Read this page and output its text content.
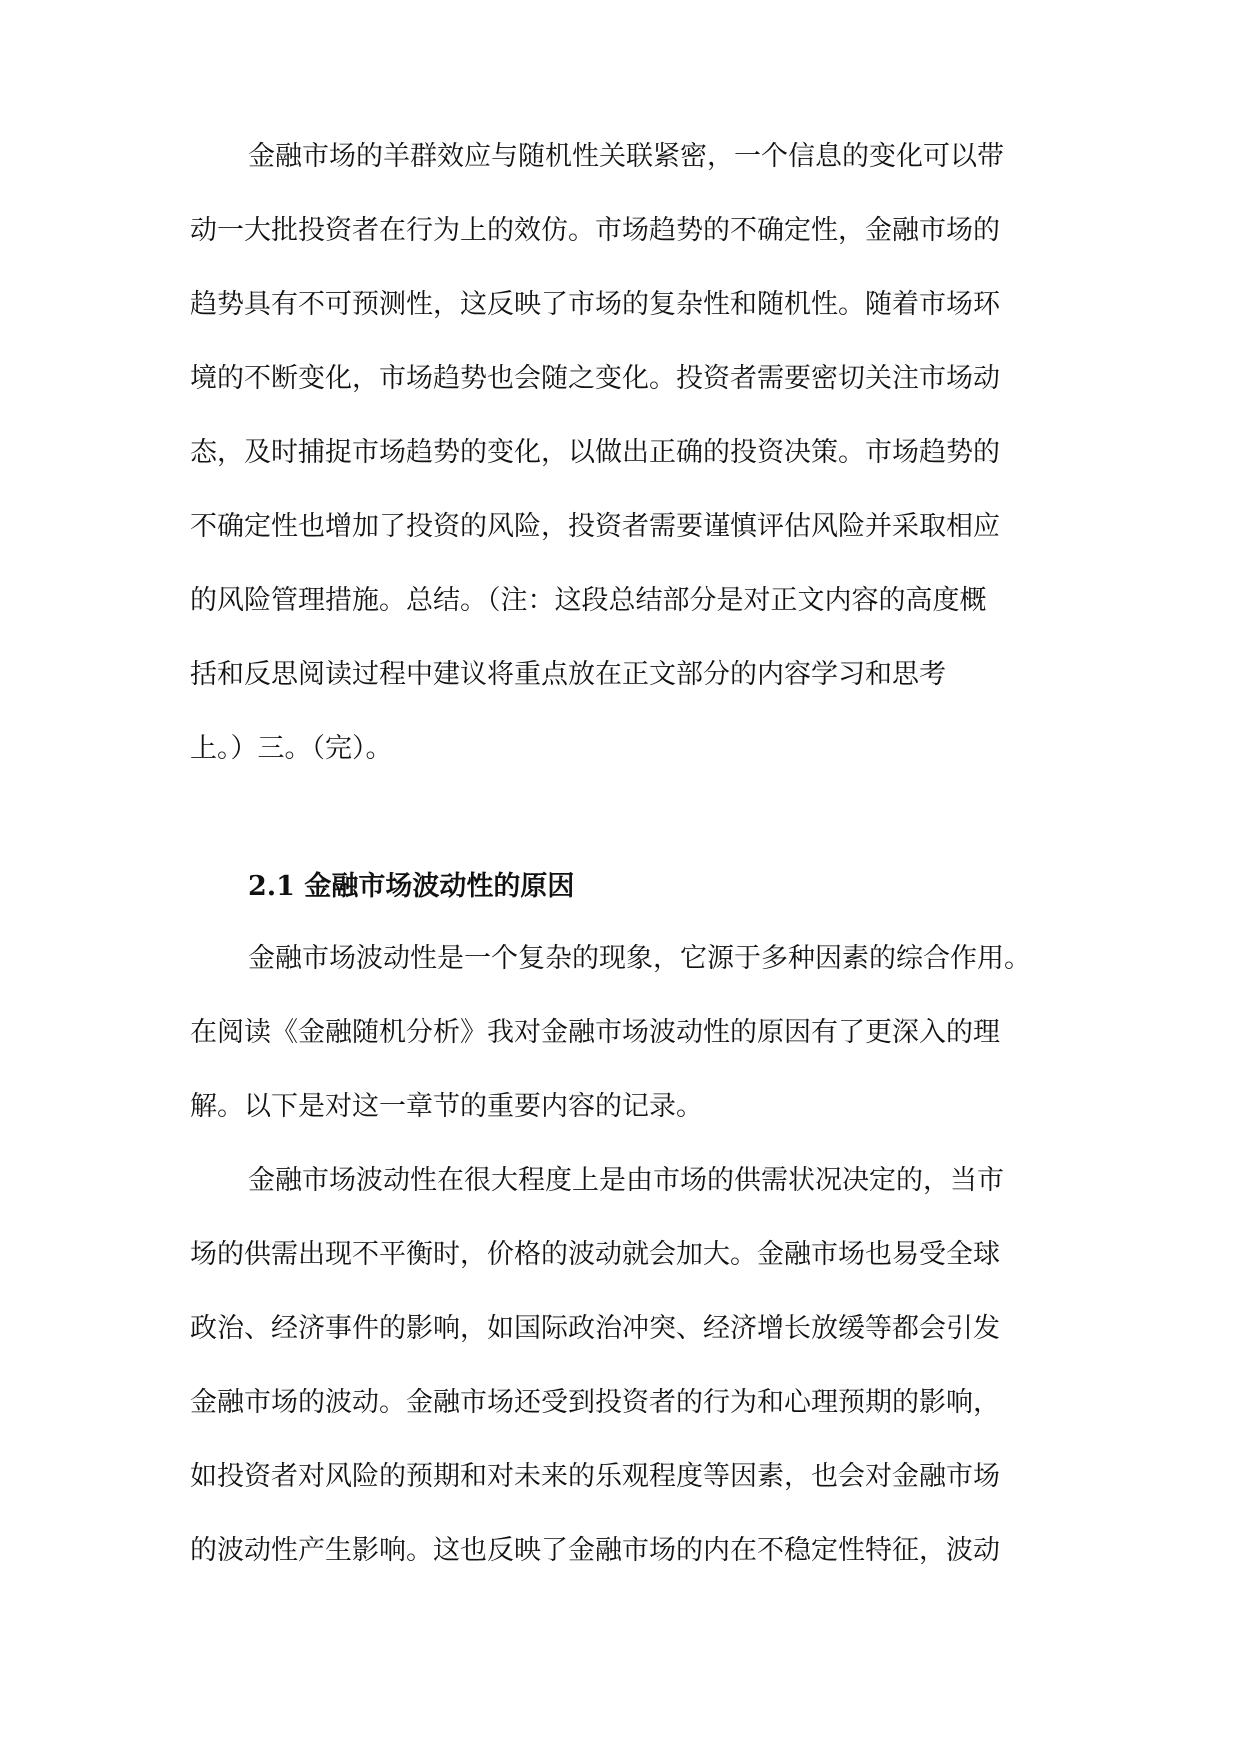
金融市场的羊群效应与随机性关联紧密，一个信息的变化可以带
动一大批投资者在行为上的效仿。市场趋势的不确定性，金融市场的
趋势具有不可预测性，这反映了市场的复杂性和随机性。随着市场环
境的不断变化，市场趋势也会随之变化。投资者需要密切关注市场动
态，及时捕捉市场趋势的变化，以做出正确的投资决策。市场趋势的
不确定性也增加了投资的风险，投资者需要谨慎评估风险并采取相应
的风险管理措施。总结。（注：这段总结部分是对正文内容的高度概
括和反思阅读过程中建议将重点放在正文部分的内容学习和思考
上。）三。（完）。
2.1 金融市场波动性的原因
金融市场波动性是一个复杂的现象，它源于多种因素的综合作用。
在阅读《金融随机分析》我对金融市场波动性的原因有了更深入的理
解。以下是对这一章节的重要内容的记录。
金融市场波动性在很大程度上是由市场的供需状况决定的，当市
场的供需出现不平衡时，价格的波动就会加大。金融市场也易受全球
政治、经济事件的影响，如国际政治冲突、经济增长放缓等都会引发
金融市场的波动。金融市场还受到投资者的行为和心理预期的影响，
如投资者对风险的预期和对未来的乐观程度等因素，也会对金融市场
的波动性产生影响。这也反映了金融市场的内在不稳定性特征，波动
